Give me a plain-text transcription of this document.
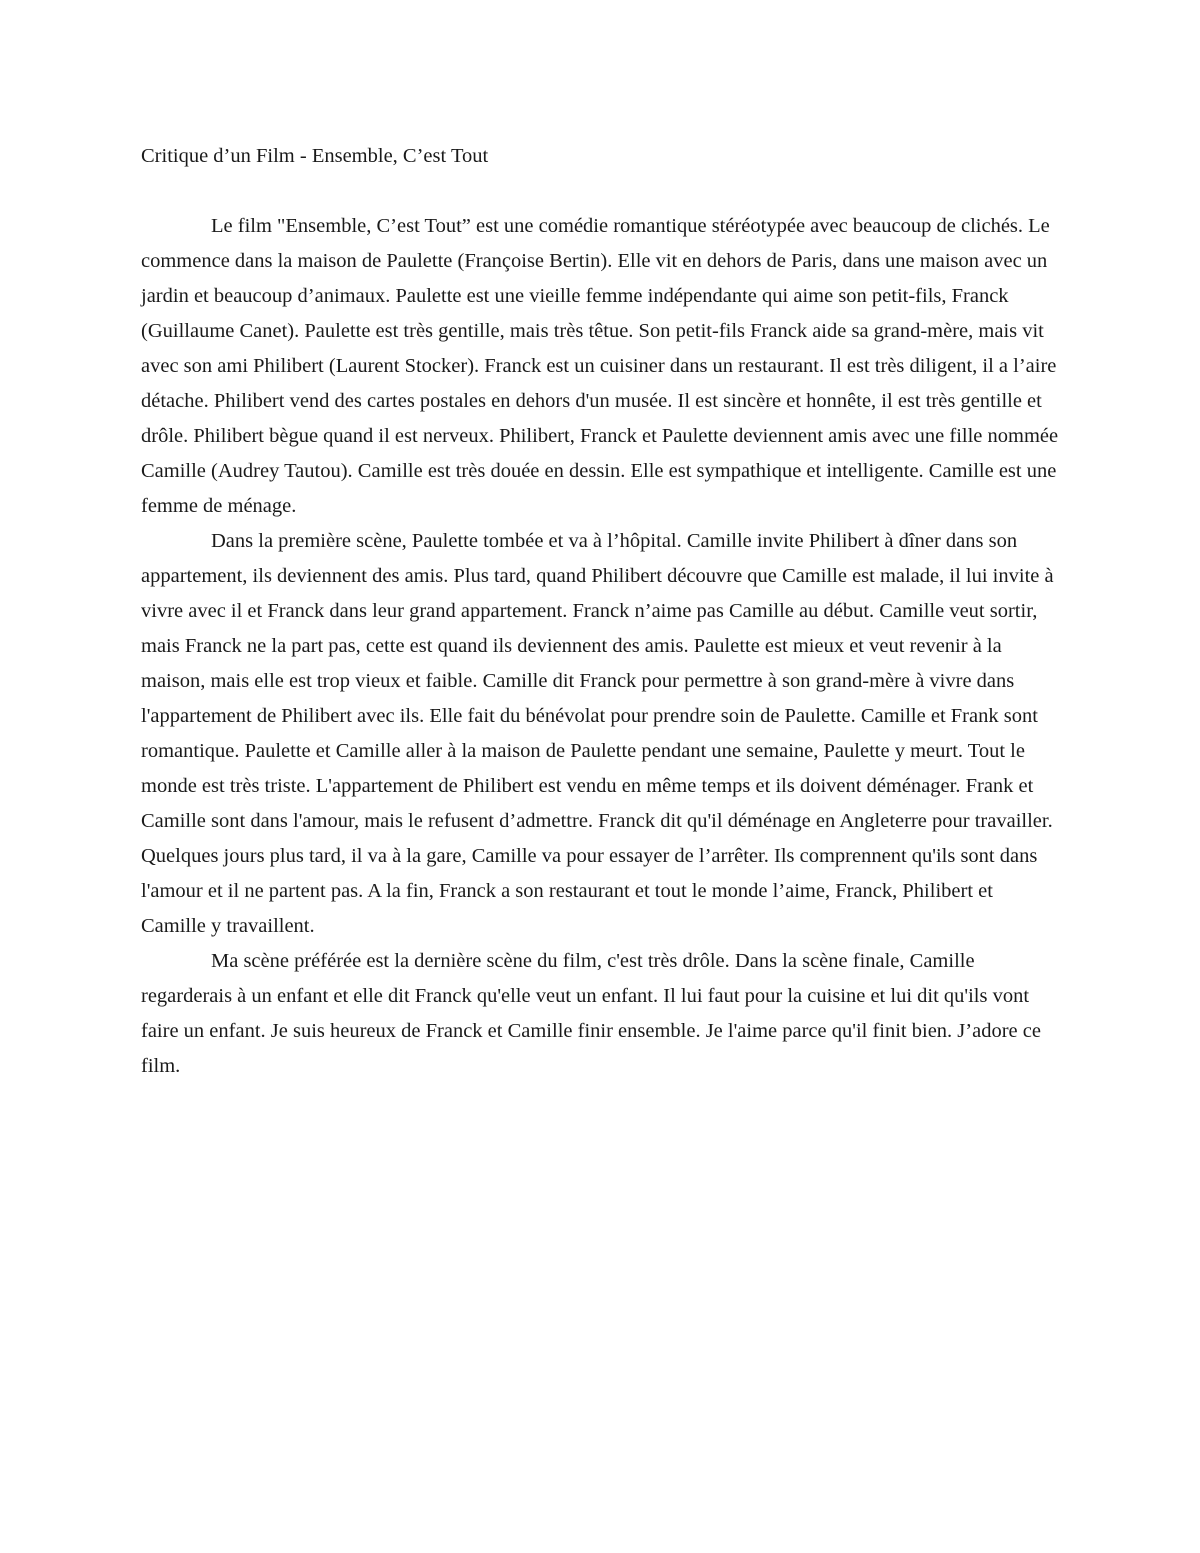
Critique d’un Film - Ensemble, C’est Tout

Le film "Ensemble, C’est Tout” est une comédie romantique stéréotypée avec beaucoup de clichés. Le commence dans la maison de Paulette (Françoise Bertin). Elle vit en dehors de Paris, dans une maison avec un jardin et beaucoup d’animaux. Paulette est une vieille femme indépendante qui aime son petit-fils, Franck (Guillaume Canet). Paulette est très gentille, mais très têtue. Son petit-fils Franck aide sa grand-mère, mais vit avec son ami Philibert (Laurent Stocker). Franck est un cuisiner dans un restaurant. Il est très diligent, il a l’aire détache. Philibert vend des cartes postales en dehors d'un musée. Il est sincère et honnête, il est très gentille et drôle. Philibert bègue quand il est nerveux. Philibert, Franck et Paulette deviennent amis avec une fille nommée Camille (Audrey Tautou). Camille est très douée en dessin. Elle est sympathique et intelligente. Camille est une femme de ménage.

Dans la première scène, Paulette tombée et va à l’hôpital. Camille invite Philibert à dîner dans son appartement, ils deviennent des amis. Plus tard, quand Philibert découvre que Camille est malade, il lui invite à vivre avec il et Franck dans leur grand appartement. Franck n’aime pas Camille au début. Camille veut sortir, mais Franck ne la part pas, cette est quand ils deviennent des amis. Paulette est mieux et veut revenir à la maison, mais elle est trop vieux et faible. Camille dit Franck pour permettre à son grand-mère à vivre dans l'appartement de Philibert avec ils. Elle fait du bénévolat pour prendre soin de Paulette. Camille et Frank sont romantique. Paulette et Camille aller à la maison de Paulette pendant une semaine, Paulette y meurt. Tout le monde est très triste. L'appartement de Philibert est vendu en même temps et ils doivent déménager. Frank et Camille sont dans l'amour, mais le refusent d’admettre. Franck dit qu'il déménage en Angleterre pour travailler. Quelques jours plus tard, il va à la gare, Camille va pour essayer de l’arrêter. Ils comprennent qu'ils sont dans l'amour et il ne partent pas. A la fin, Franck a son restaurant et tout le monde l’aime, Franck, Philibert et Camille y travaillent.

Ma scène préférée est la dernière scène du film, c'est très drôle. Dans la scène finale, Camille regarderais à un enfant et elle dit Franck qu'elle veut un enfant. Il lui faut pour la cuisine et lui dit qu'ils vont faire un enfant. Je suis heureux de Franck et Camille finir ensemble. Je l'aime parce qu'il finit bien. J’adore ce film.
